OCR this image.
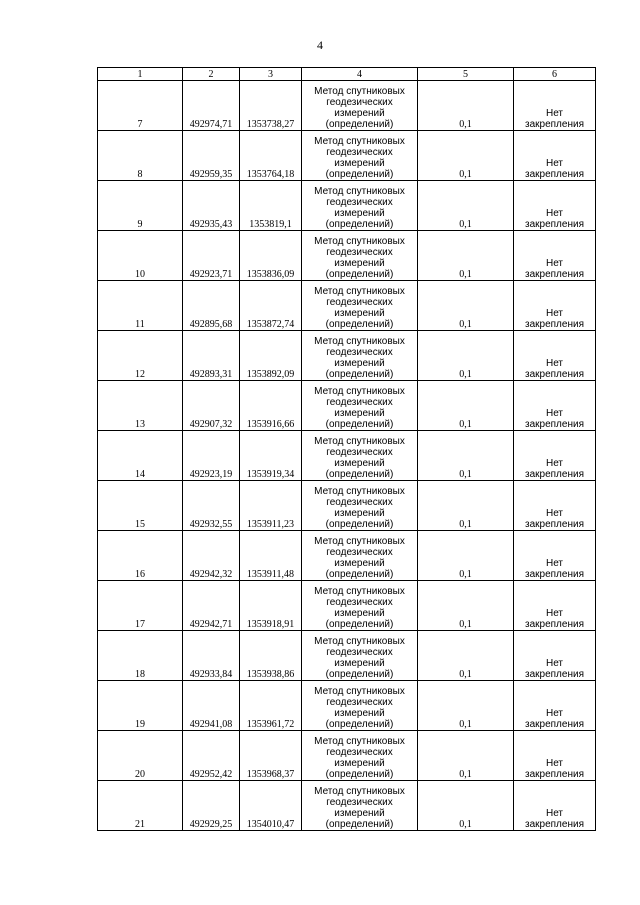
4
1	2	3	4	5	6
7	492974,71	1353738,27	Метод спутниковых
геодезических
измерений
(определений)	0,1	Нет
закрепления

8	492959,35	1353764,18	Метод спутниковых
геодезических
измерений
(определений)	0,1	Нет
закрепления

9	492935,43	1353819,1	Метод спутниковых
геодезических
измерений
(определений)	0,1	Нет
закрепления

10	492923,71	1353836,09	Метод спутниковых
геодезических
измерений
(определений)	0,1	Нет
закрепления

11	492895,68	1353872,74	Метод спутниковых
геодезических
измерений
(определений)	0,1	Нет
закрепления

12	492893,31	1353892,09	Метод спутниковых
геодезических
измерений
(определений)	0,1	Нет
закрепления

13	492907,32	1353916,66	Метод спутниковых
геодезических
измерений
(определений)	0,1	Нет
закрепления

14	492923,19	1353919,34	Метод спутниковых
геодезических
измерений
(определений)	0,1	Нет
закрепления

15	492932,55	1353911,23	Метод спутниковых
геодезических
измерений
(определений)	0,1	Нет
закрепления

16	492942,32	1353911,48	Метод спутниковых
геодезических
измерений
(определений)	0,1	Нет
закрепления

17	492942,71	1353918,91	Метод спутниковых
геодезических
измерений
(определений)	0,1	Нет
закрепления

18	492933,84	1353938,86	Метод спутниковых
геодезических
измерений
(определений)	0,1	Нет
закрепления

19	492941,08	1353961,72	Метод спутниковых
геодезических
измерений
(определений)	0,1	Нет
закрепления

20	492952,42	1353968,37	Метод спутниковых
геодезических
измерений
(определений)	0,1	Нет
закрепления

21	492929,25	1354010,47	Метод спутниковых
геодезических
измерений
(определений)	0,1	Нет
закрепления
